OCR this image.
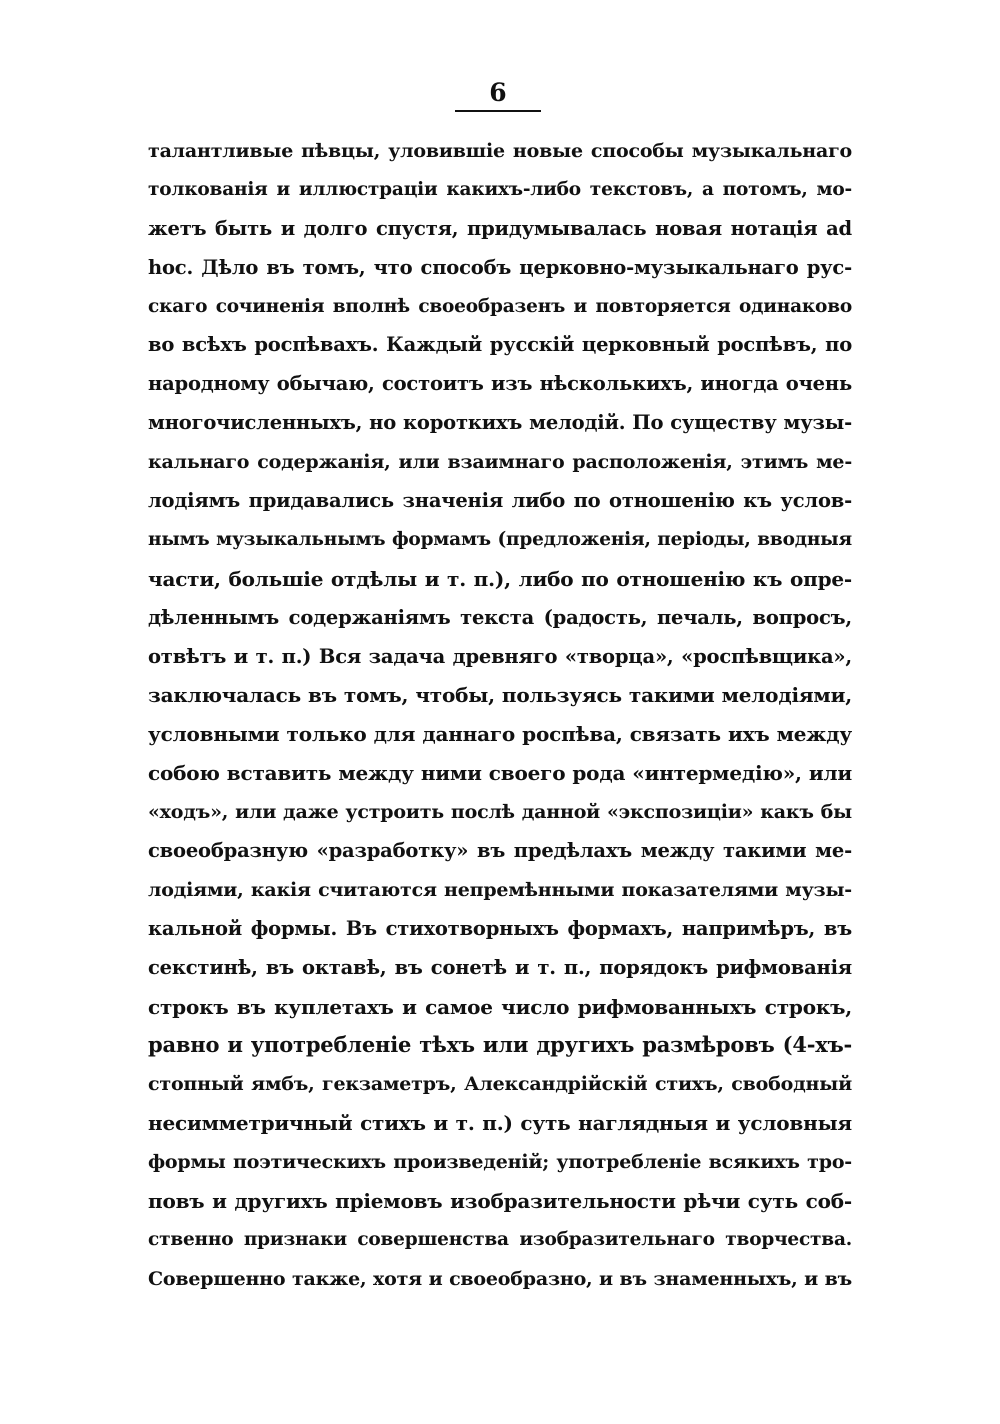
6
талантливые пѣвцы, уловившіе новые способы музыкальнаго
толкованія и иллюстраціи какихъ-либо текстовъ, а потомъ, мо-
жетъ быть и долго спустя, придумывалась новая нотація ad
hoc. Дѣло въ томъ, что способъ церковно-музыкальнаго рус-
скаго сочиненія вполнѣ своеобразенъ и повторяется одинаково
во всѣхъ роспѣвахъ. Каждый русскій церковный роспѣвъ, по
народному обычаю, состоитъ изъ нѣсколькихъ, иногда очень
многочисленныхъ, но короткихъ мелодій. По существу музы-
кальнаго содержанія, или взаимнаго расположенія, этимъ ме-
лодіямъ придавались значенія либо по отношенію къ услов-
нымъ музыкальнымъ формамъ (предложенія, періоды, вводныя
части, большіе отдѣлы и т. п.), либо по отношенію къ опре-
дѣленнымъ содержаніямъ текста (радость, печаль, вопросъ,
отвѣтъ и т. п.) Вся задача древняго «творца», «роспѣвщика»,
заключалась въ томъ, чтобы, пользуясь такими мелодіями,
условными только для даннаго роспѣва, связать ихъ между
собою вставить между ними своего рода «интермедію», или
«ходъ», или даже устроить послѣ данной «экспозиціи» какъ бы
своеобразную «разработку» въ предѣлахъ между такими ме-
лодіями, какія считаются непремѣнными показателями музы-
кальной формы. Въ стихотворныхъ формахъ, напримѣръ, въ
секстинѣ, въ октавѣ, въ сонетѣ и т. п., порядокъ рифмованія
строкъ въ куплетахъ и самое число рифмованныхъ строкъ,
равно и употребленіе тѣхъ или другихъ размѣровъ (4-хъ-
стопный ямбъ, гекзаметръ, Александрійскій стихъ, свободный
несимметричный стихъ и т. п.) суть наглядныя и условныя
формы поэтическихъ произведеній; употребленіе всякихъ тро-
повъ и другихъ пріемовъ изобразительности рѣчи суть соб-
ственно признаки совершенства изобразительнаго творчества.
Совершенно также, хотя и своеобразно, и въ знаменныхъ, и въ
